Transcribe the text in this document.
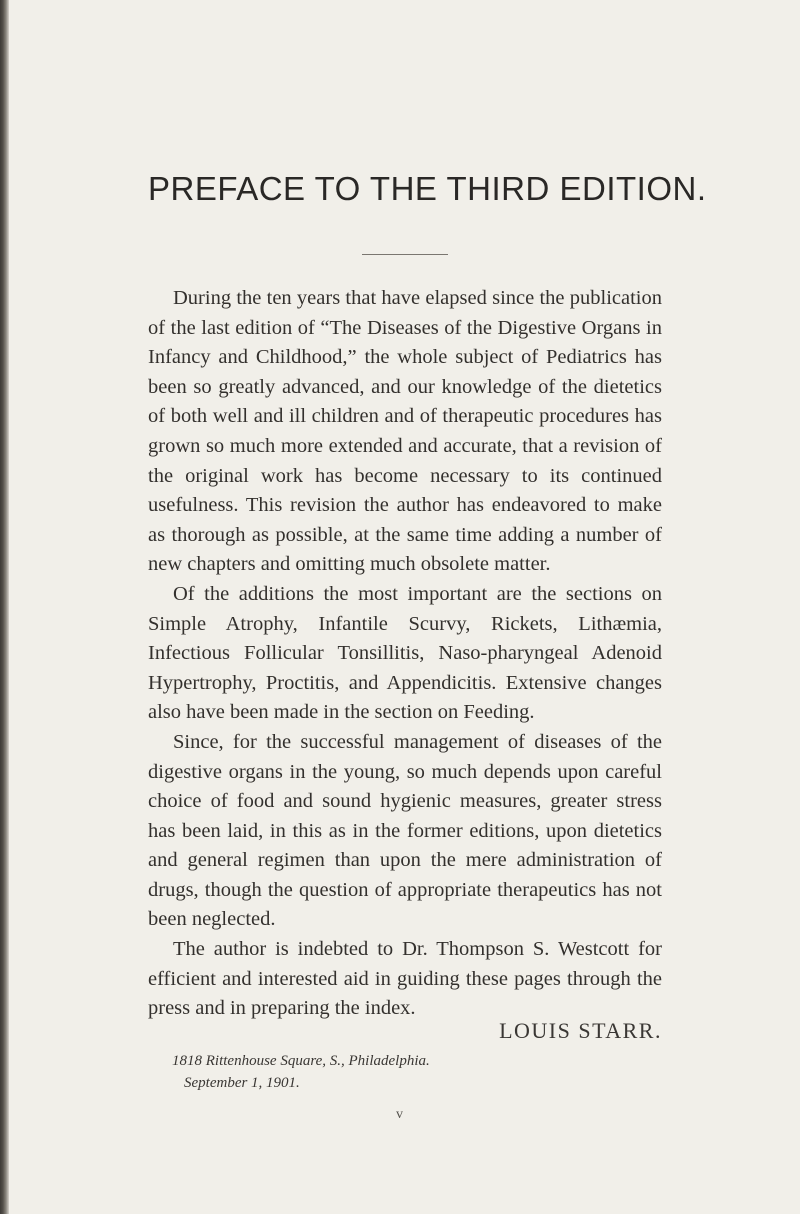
PREFACE TO THE THIRD EDITION.

During the ten years that have elapsed since the publication of the last edition of “The Diseases of the Digestive Organs in Infancy and Childhood,” the whole subject of Pediatrics has been so greatly advanced, and our knowledge of the dietetics of both well and ill children and of therapeutic procedures has grown so much more extended and accurate, that a revision of the original work has become necessary to its continued usefulness. This revision the author has endeavored to make as thorough as possible, at the same time adding a number of new chapters and omitting much obsolete matter.

Of the additions the most important are the sections on Simple Atrophy, Infantile Scurvy, Rickets, Lithæmia, Infectious Follicular Tonsillitis, Naso-pharyngeal Adenoid Hypertrophy, Proctitis, and Appendicitis. Extensive changes also have been made in the section on Feeding.

Since, for the successful management of diseases of the digestive organs in the young, so much depends upon careful choice of food and sound hygienic measures, greater stress has been laid, in this as in the former editions, upon dietetics and general regimen than upon the mere administration of drugs, though the question of appropriate therapeutics has not been neglected.

The author is indebted to Dr. Thompson S. Westcott for efficient and interested aid in guiding these pages through the press and in preparing the index.

LOUIS STARR.
1818 Rittenhouse Square, S., Philadelphia.
September 1, 1901.
v
